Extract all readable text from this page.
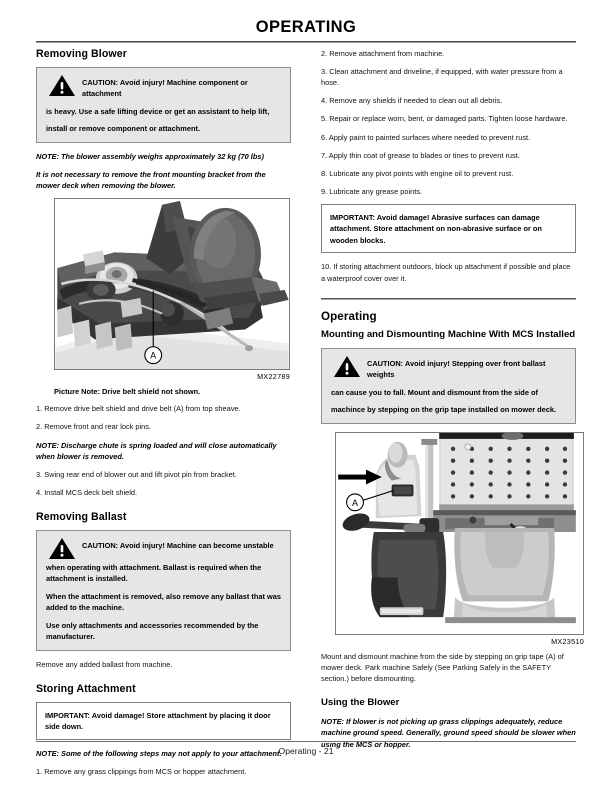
OPERATING
Removing Blower
CAUTION: Avoid injury! Machine component or attachment
is heavy. Use a safe lifting device or get an assistant to help lift,
install or remove component or attachment.

NOTE: The blower assembly weighs approximately 32 kg (70 lbs)

It is not necessary to remove the front mounting bracket from the mower deck when removing the blower.

A
MX22789

Picture Note: Drive belt shield not shown.

1. Remove drive belt shield and drive belt (A) from top sheave.

2. Remove front and rear lock pins.

NOTE: Discharge chute is spring loaded and will close automatically when blower is removed.

3. Swing rear end of blower out and lift pivot pin from bracket.

4. Install MCS deck belt shield.

Removing Ballast
CAUTION: Avoid injury! Machine can become unstable
when operating with attachment. Ballast is required when the attachment is installed.
When the attachment is removed, also remove any ballast that was added to the machine.
Use only attachments and accessories recommended by the manufacturer.

Remove any added ballast from machine.

Storing Attachment
IMPORTANT: Avoid damage! Store attachment by placing it door side down.

NOTE: Some of the following steps may not apply to your attachment.

1. Remove any grass clippings from MCS or hopper attachment.

2. Remove attachment from machine.

3. Clean attachment and driveline, if equipped, with water pressure from a hose.

4. Remove any shields if needed to clean out all debris.

5. Repair or replace worn, bent, or damaged parts. Tighten loose hardware.

6. Apply paint to painted surfaces where needed to prevent rust.

7. Apply thin coat of grease to blades or tines to prevent rust.

8. Lubricate any pivot points with engine oil to prevent rust.

9. Lubricate any grease points.

IMPORTANT: Avoid damage! Abrasive surfaces can damage attachment. Store attachment on non-abrasive surface or on wooden blocks.

10. If storing attachment outdoors, block up attachment if possible and place a waterproof cover over it.

Operating
Mounting and Dismounting Machine With MCS Installed
CAUTION: Avoid injury! Stepping over front ballast weights
can cause you to fall. Mount and dismount from the side of
machince by stepping on the grip tape installed on mower deck.
A
MX23510

Mount and dismount machine from the side by stepping on grip tape (A) of mower deck. Park machine Safely (See Parking Safely in the SAFETY section.) before dismounting.

Using the Blower

NOTE: If blower is not picking up grass clippings adequately, reduce machine ground speed. Generally, ground speed should be slower when using the MCS or hopper.

Operating - 21
